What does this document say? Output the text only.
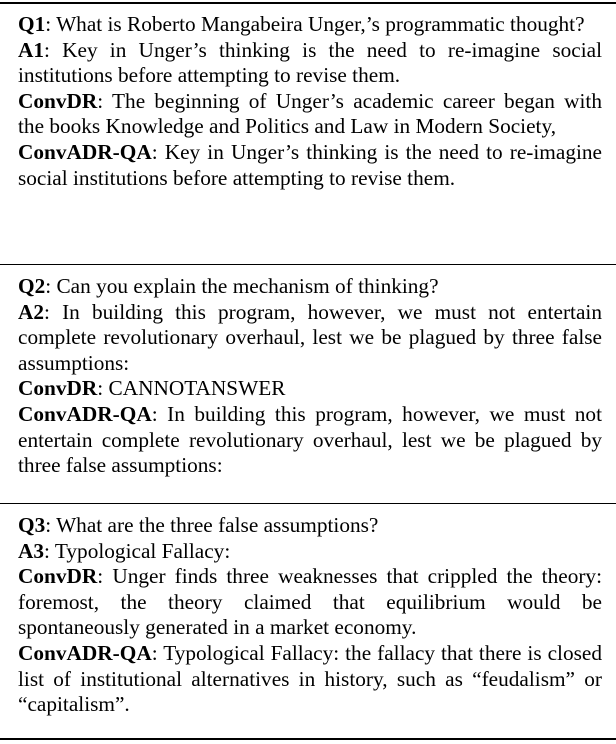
Q1: What is Roberto Mangabeira Unger,’s programmatic thought?

A1: Key in Unger’s thinking is the need to re-imagine social institutions before attempting to revise them.

ConvDR: The beginning of Unger’s academic career began with the books Knowledge and Politics and Law in Modern Society,

ConvADR-QA: Key in Unger’s thinking is the need to re-imagine social institutions before attempting to revise them.

Q2: Can you explain the mechanism of thinking?

A2: In building this program, however, we must not entertain complete revolutionary overhaul, lest we be plagued by three false assumptions:

ConvDR: CANNOTANSWER

ConvADR-QA: In building this program, however, we must not entertain complete revolutionary overhaul, lest we be plagued by three false assumptions:

Q3: What are the three false assumptions?

A3: Typological Fallacy:

ConvDR: Unger finds three weaknesses that crippled the theory: foremost, the theory claimed that equilibrium would be spontaneously generated in a market economy.

ConvADR-QA: Typological Fallacy: the fallacy that there is closed list of institutional alternatives in history, such as “feudalism” or “capitalism”.
